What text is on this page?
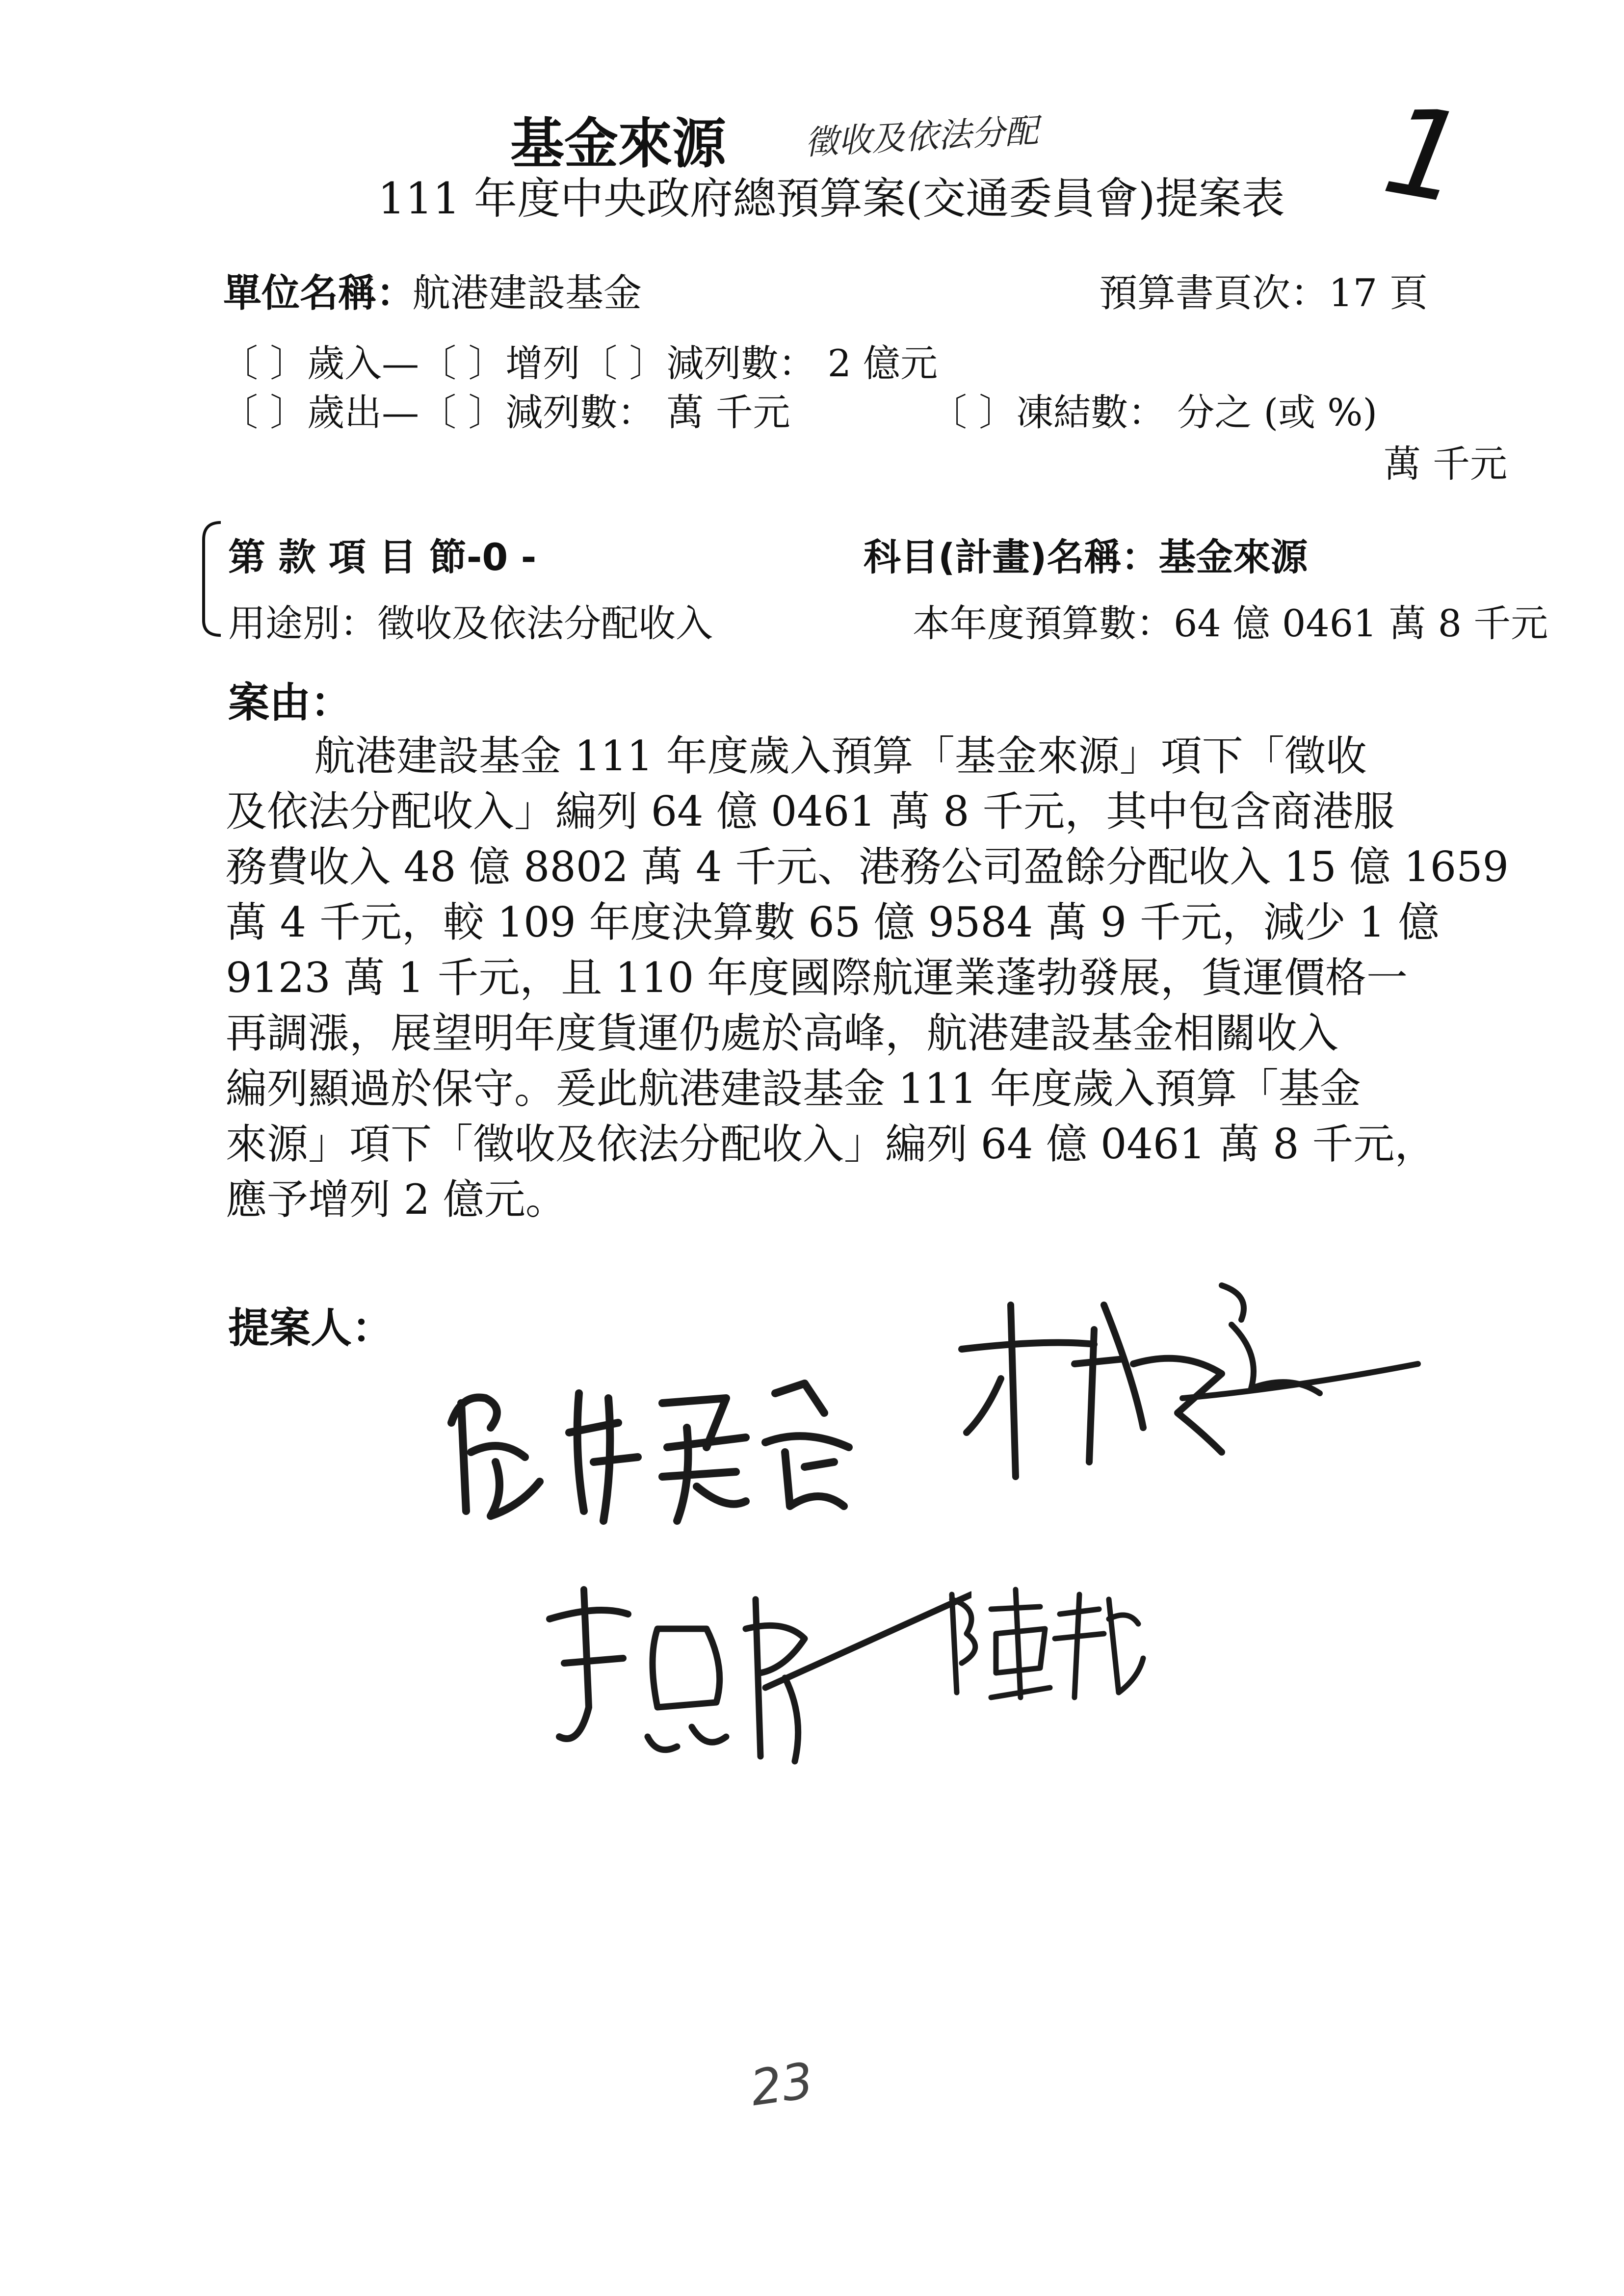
基金來源 徵收及依法分配	1
111 年度中央政府總預算案(交通委員會)提案表
單位名稱：
航港建設基金	預算書頁次：17 頁
〔 〕歲入—〔 〕增列〔 〕減列數： 2 億元
〔 〕歲出—〔 〕減列數： 萬 千元	〔 〕凍結數： 分之 (或 %)
萬 千元
第 款 項 目 節-0 -	科目(計畫)名稱：基金來源
用途別：徵收及依法分配收入	本年度預算數：64 億 0461 萬 8 千元
案由：
航港建設基金 111 年度歲入預算「基金來源」項下「徵收
及依法分配收入」編列 64 億 0461 萬 8 千元，其中包含商港服
務費收入 48 億 8802 萬 4 千元、港務公司盈餘分配收入 15 億 1659
萬 4 千元，較 109 年度決算數 65 億 9584 萬 9 千元，減少 1 億
9123 萬 1 千元，且 110 年度國際航運業蓬勃發展，貨運價格一
再調漲，展望明年度貨運仍處於高峰，航港建設基金相關收入
編列顯過於保守。爰此航港建設基金 111 年度歲入預算「基金
來源」項下「徵收及依法分配收入」編列 64 億 0461 萬 8 千元，
應予增列 2 億元。
提案人：
23
